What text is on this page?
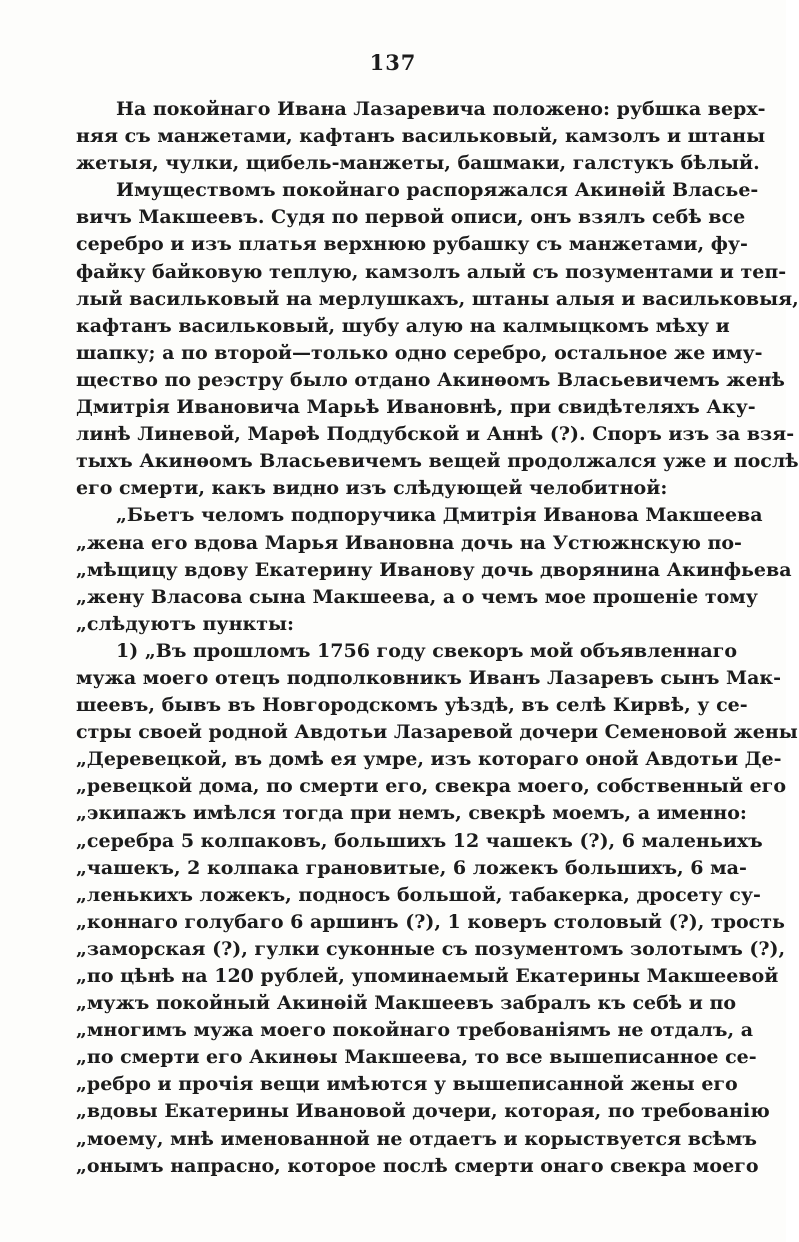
137
На покойнаго Ивана Лазаревича положено: рубшка верх-
няя съ манжетами, кафтанъ васильковый, камзолъ и штаны
жетыя, чулки, щибель-манжеты, башмаки, галстукъ бѣлый.
Имуществомъ покойнаго распоряжался Акинѳій Власье-
вичъ Макшеевъ. Судя по первой описи, онъ взялъ себѣ все
серебро и изъ платья верхнюю рубашку съ манжетами, фу-
файку байковую теплую, камзолъ алый съ позументами и теп-
лый васильковый на мерлушкахъ, штаны алыя и васильковыя,
кафтанъ васильковый, шубу алую на калмыцкомъ мѣху и
шапку; а по второй—только одно серебро, остальное же иму-
щество по реэстру было отдано Акинѳомъ Власьевичемъ женѣ
Дмитрія Ивановича Марьѣ Ивановнѣ, при свидѣтеляхъ Аку-
линѣ Линевой, Марѳѣ Поддубской и Аннѣ (?). Споръ изъ за взя-
тыхъ Акинѳомъ Власьевичемъ вещей продолжался уже и послѣ
его смерти, какъ видно изъ слѣдующей челобитной:
„Бьетъ челомъ подпоручика Дмитрія Иванова Макшеева
„жена его вдова Марья Ивановна дочь на Устюжнскую по-
„мѣщицу вдову Екатерину Иванову дочь дворянина Акинфьева
„жену Власова сына Макшеева, а о чемъ мое прошеніе тому
„слѣдуютъ пункты:
1) „Въ прошломъ 1756 году свекоръ мой объявленнаго
мужа моего отецъ подполковникъ Иванъ Лазаревъ сынъ Мак-
шеевъ, бывъ въ Новгородскомъ уѣздѣ, въ селѣ Кирвѣ, у се-
стры своей родной Авдотьи Лазаревой дочери Семеновой жены
„Деревецкой, въ домѣ ея умре, изъ котораго оной Авдотьи Де-
„ревецкой дома, по смерти его, свекра моего, собственный его
„экипажъ имѣлся тогда при немъ, свекрѣ моемъ, а именно:
„серебра 5 колпаковъ, большихъ 12 чашекъ (?), 6 маленьихъ
„чашекъ, 2 колпака грановитые, 6 ложекъ большихъ, 6 ма-
„ленькихъ ложекъ, подносъ большой, табакерка, дросету су-
„коннаго голубаго 6 аршинъ (?), 1 коверъ столовый (?), трость
„заморская (?), гулки суконные съ позументомъ золотымъ (?),
„по цѣнѣ на 120 рублей, упоминаемый Екатерины Макшеевой
„мужъ покойный Акинѳій Макшеевъ забралъ къ себѣ и по
„многимъ мужа моего покойнаго требованіямъ не отдалъ, а
„по смерти его Акинѳы Макшеева, то все вышеписанное се-
„ребро и прочія вещи имѣются у вышеписанной жены его
„вдовы Екатерины Ивановой дочери, которая, по требованію
„моему, мнѣ именованной не отдаетъ и корыствуется всѣмъ
„онымъ напрасно, которое послѣ смерти онаго свекра моего
